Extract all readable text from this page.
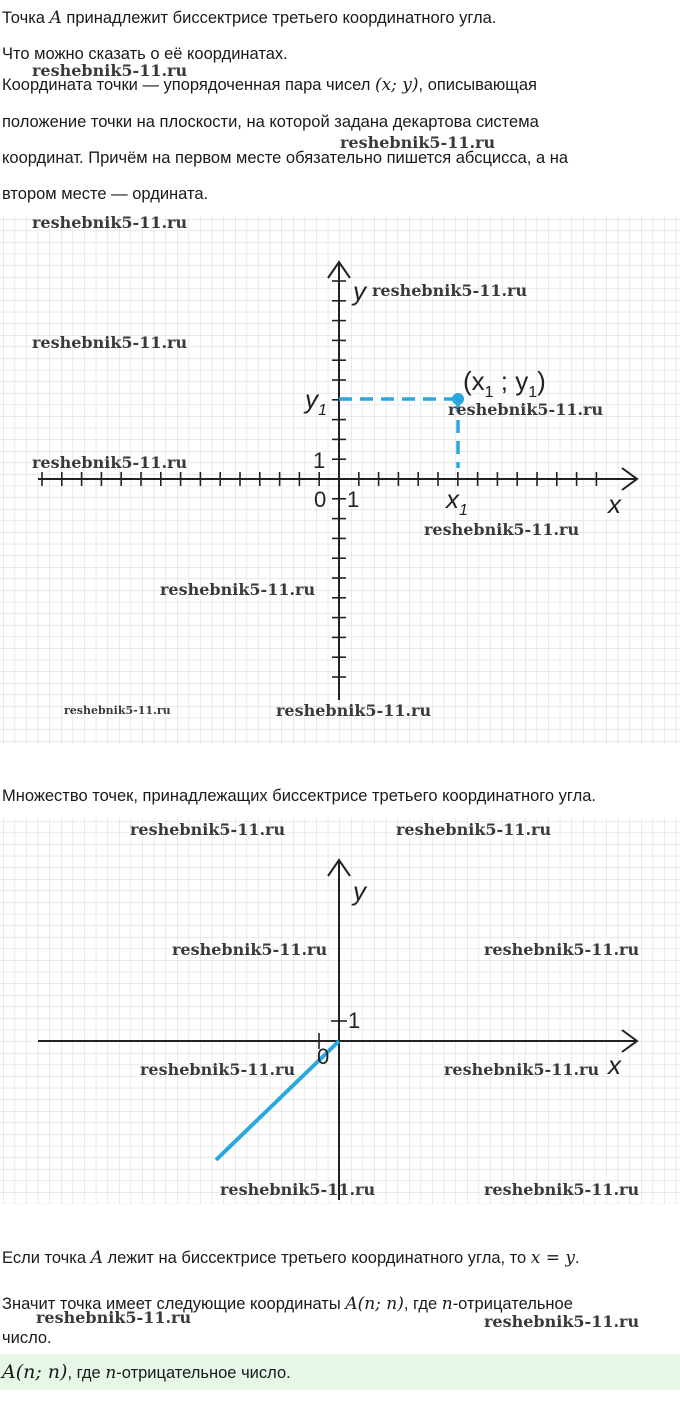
Точка A принадлежит биссектрисе третьего координатного угла.
Что можно сказать о её координатах.
Координата точки — упорядоченная пара чисел (x; y), описывающая
положение точки на плоскости, на которой задана декартова система
координат. Причём на первом месте обязательно пишется абсцисса, а на
втором месте — ордината.
y
x
0 1
1
$y_1$
$x_1$
($x_1$ ; $y_1$)
Множество точек, принадлежащих биссектрисе третьего координатного угла.
y
x
0
1
Если точка A лежит на биссектрисе третьего координатного угла, то x = y.
Значит точка имеет следующие координаты A(n; n), где n-отрицательное
число.
A(n; n), где n-отрицательное число.
reshebnik5-11.ru
reshebnik5-11.ru
reshebnik5-11.ru
reshebnik5-11.ru
reshebnik5-11.ru
reshebnik5-11.ru
reshebnik5-11.ru
reshebnik5-11.ru
reshebnik5-11.ru
reshebnik5-11.ru	reshebnik5-11.ru
reshebnik5-11.ru	reshebnik5-11.ru
reshebnik5-11.ru	reshebnik5-11.ru
reshebnik5-11.ru	reshebnik5-11.ru
reshebnik5-11.ru	reshebnik5-11.ru
reshebnik5-11.ru	reshebnik5-11.ru
